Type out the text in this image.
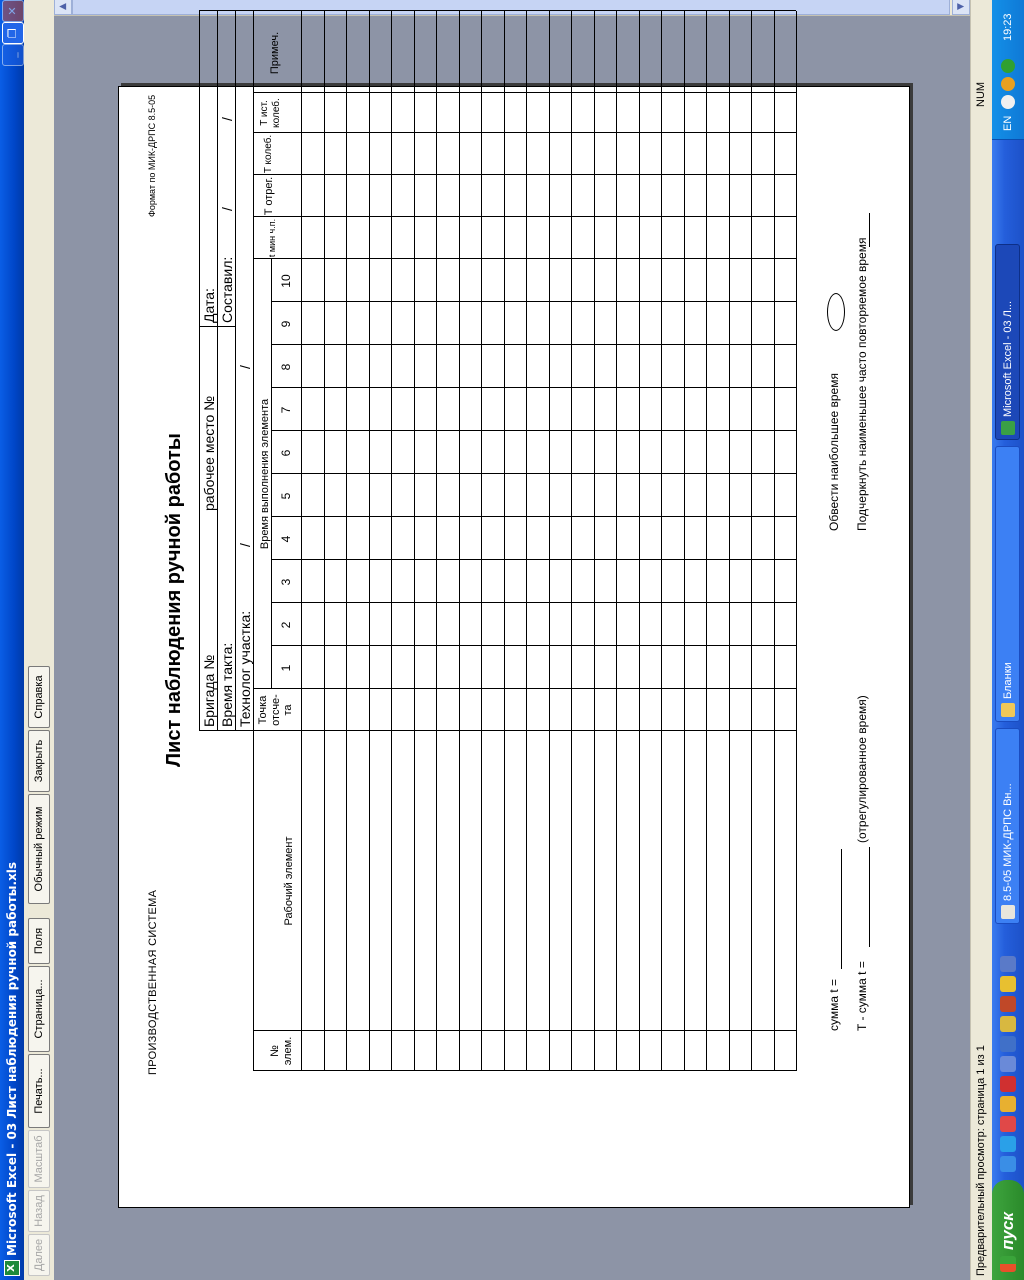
X
Microsoft Excel - 03 Лист наблюдения ручной работы.xls
_
❐
✕
Далее
Назад
Масштаб
Печать...
Страница...
Поля
Обычный режим
Закрыть
Справка
▲	▼
ПРОИЗВОДСТВЕННАЯ СИСТЕМА
Формат по МИК-ДРПС 8.5-05
Лист наблюдения ручной работы Бригада №
рабочее место №
Дата:
Время такта:
Составил:
/
/
Технолог участка:
/
/
№ элем.
Рабочий элемент
Точка отсче-та
Время выполнения элемента
t мин ч.п.
T отрег.
T колеб.
T ист. колеб.
Примеч.
сумма t = T - сумма t =
(отрегулированное время)
Обвести наибольшее время Подчеркнуть наименьшее часто повторяемое время
1
2
3
4
5
6
7
8
9
10
Предварительный просмотр: страница 1 из 1
NUM
пуск
8.5-05 МИК-ДРПС Вн...
Бланки
Microsoft Excel - 03 Л...
EN
19:23
